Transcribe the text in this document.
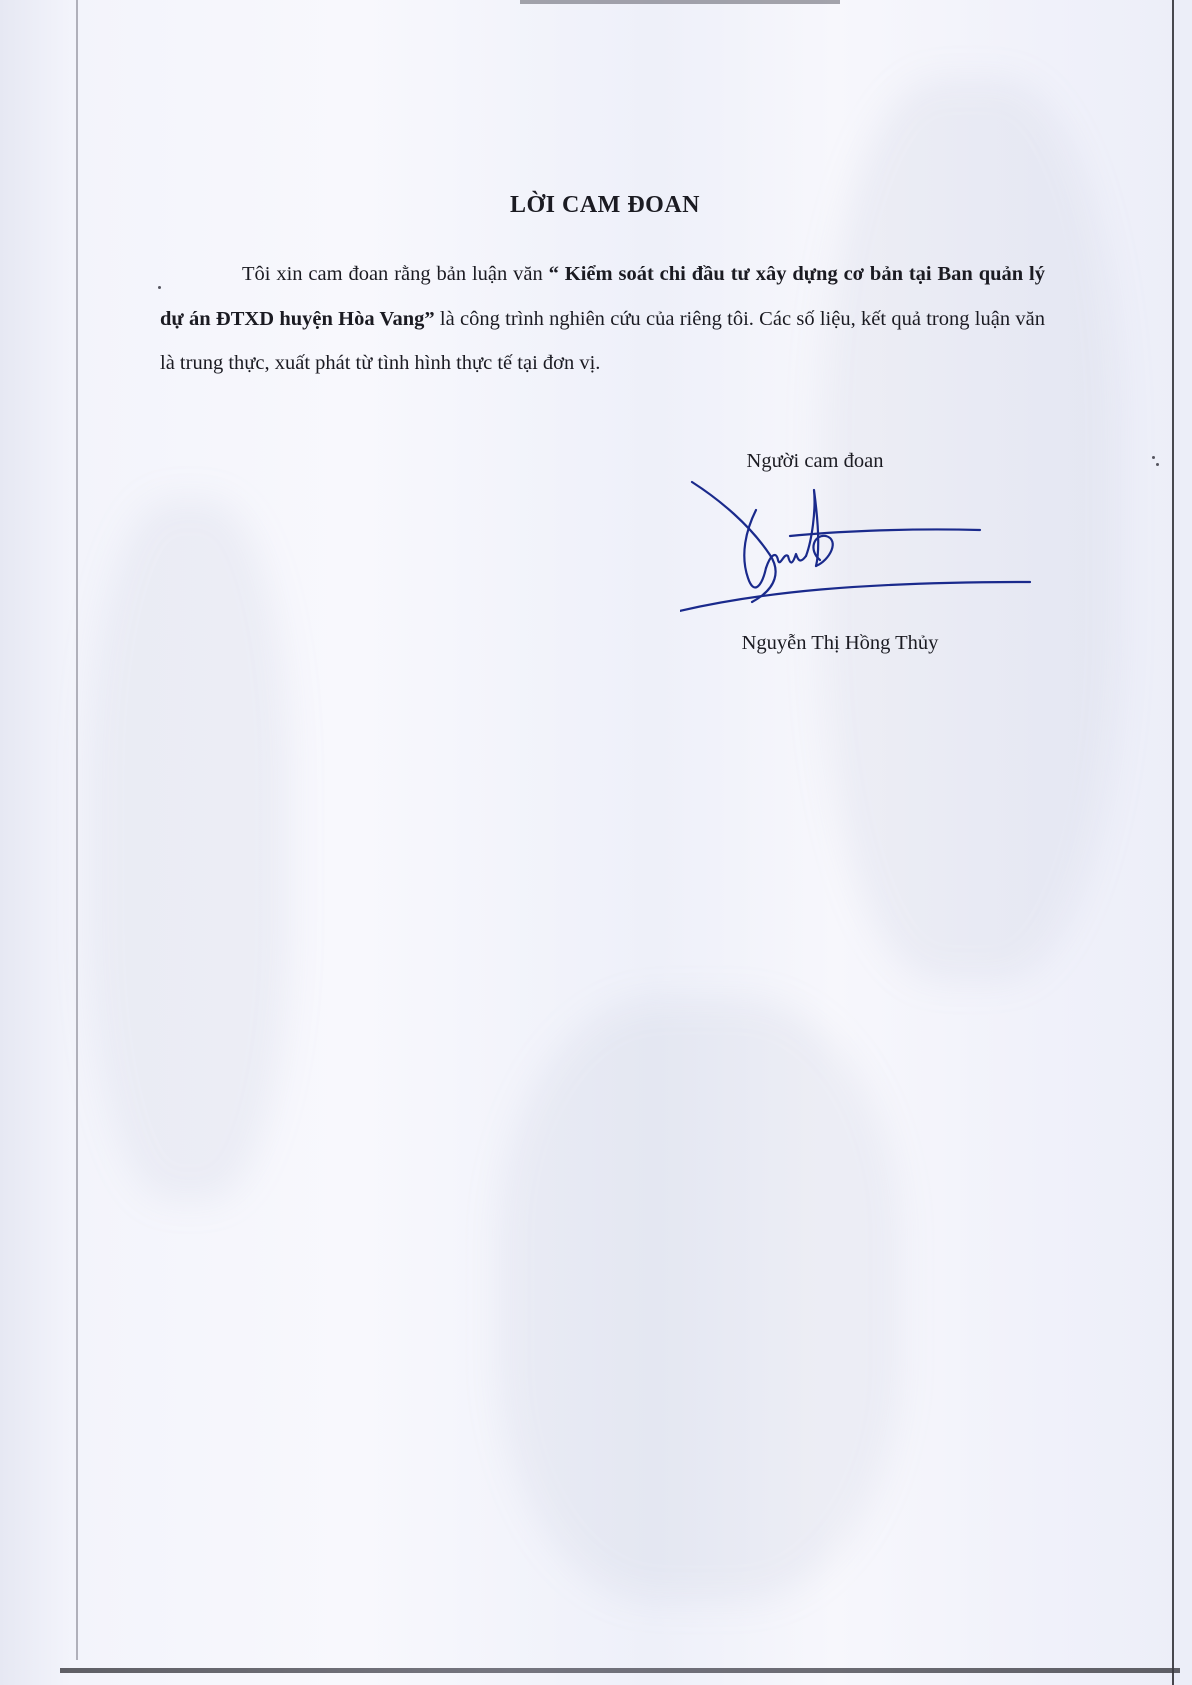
LỜI CAM ĐOAN

Tôi xin cam đoan rằng bản luận văn “ Kiểm soát chi đầu tư xây dựng cơ bản tại Ban quản lý dự án ĐTXD huyện Hòa Vang” là công trình nghiên cứu của riêng tôi. Các số liệu, kết quả trong luận văn là trung thực, xuất phát từ tình hình thực tế tại đơn vị.

Người cam đoan

Nguyễn Thị Hồng Thủy
